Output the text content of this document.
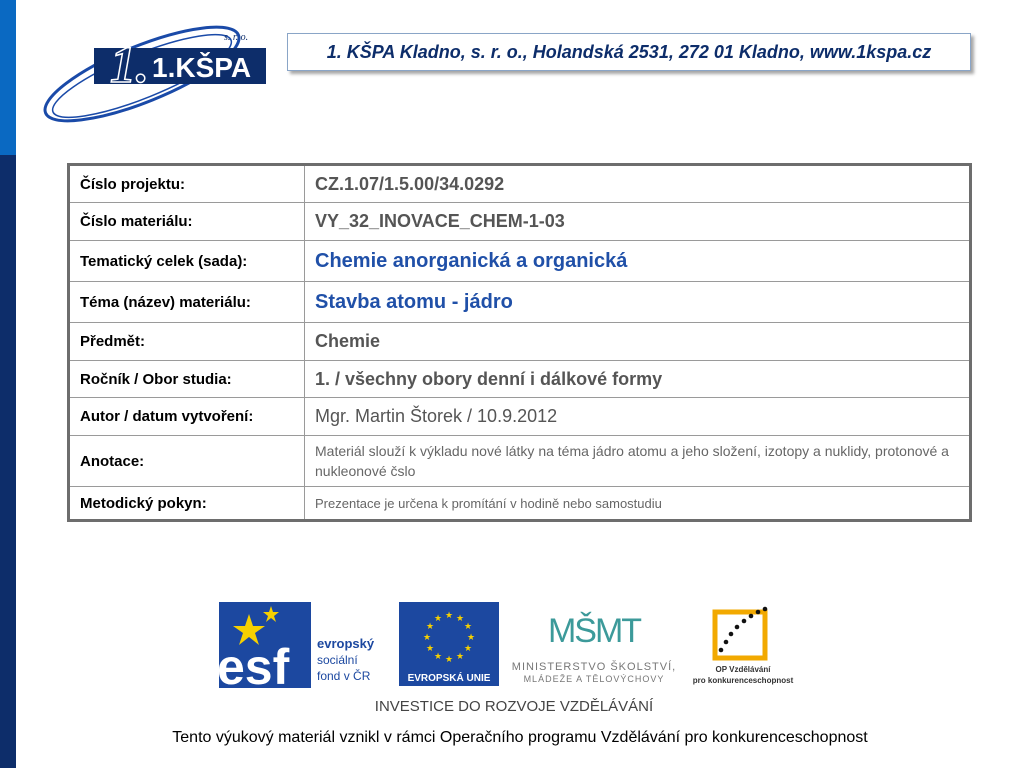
1. 1.KŠPA
s. r. o.
1. KŠPA Kladno, s. r. o., Holandská 2531, 272 01 Kladno, www.1kspa.cz
Číslo projektu:	CZ.1.07/1.5.00/34.0292
Číslo materiálu:	VY_32_INOVACE_CHEM-1-03
Tematický celek (sada):	Chemie anorganická a organická
Téma (název) materiálu:	Stavba atomu - jádro
Předmět:	Chemie
Ročník / Obor studia:	1. / všechny obory denní i dálkové formy
Autor / datum vytvoření:	Mgr. Martin Štorek / 10.9.2012
Anotace:	Materiál slouží k výkladu nové látky na téma jádro atomu a jeho složení, izotopy a nuklidy, protonové a nukleonové čslo
Metodický pokyn:	Prezentace je určena k promítání v hodině nebo samostudiu
esf evropský
sociální
fond v ČR
★ ★
★
★
★
★
★
★
★
★
★
★
EVROPSKÁ UNIE
MŠMT
MINISTERSTVO ŠKOLSTVÍ,
MLÁDEŽE A TĚLOVÝCHOVY
OP Vzdělávání
pro konkurenceschopnost
INVESTICE DO ROZVOJE VZDĚLÁVÁNÍ
Tento výukový materiál vznikl v rámci Operačního programu Vzdělávání pro konkurenceschopnost
